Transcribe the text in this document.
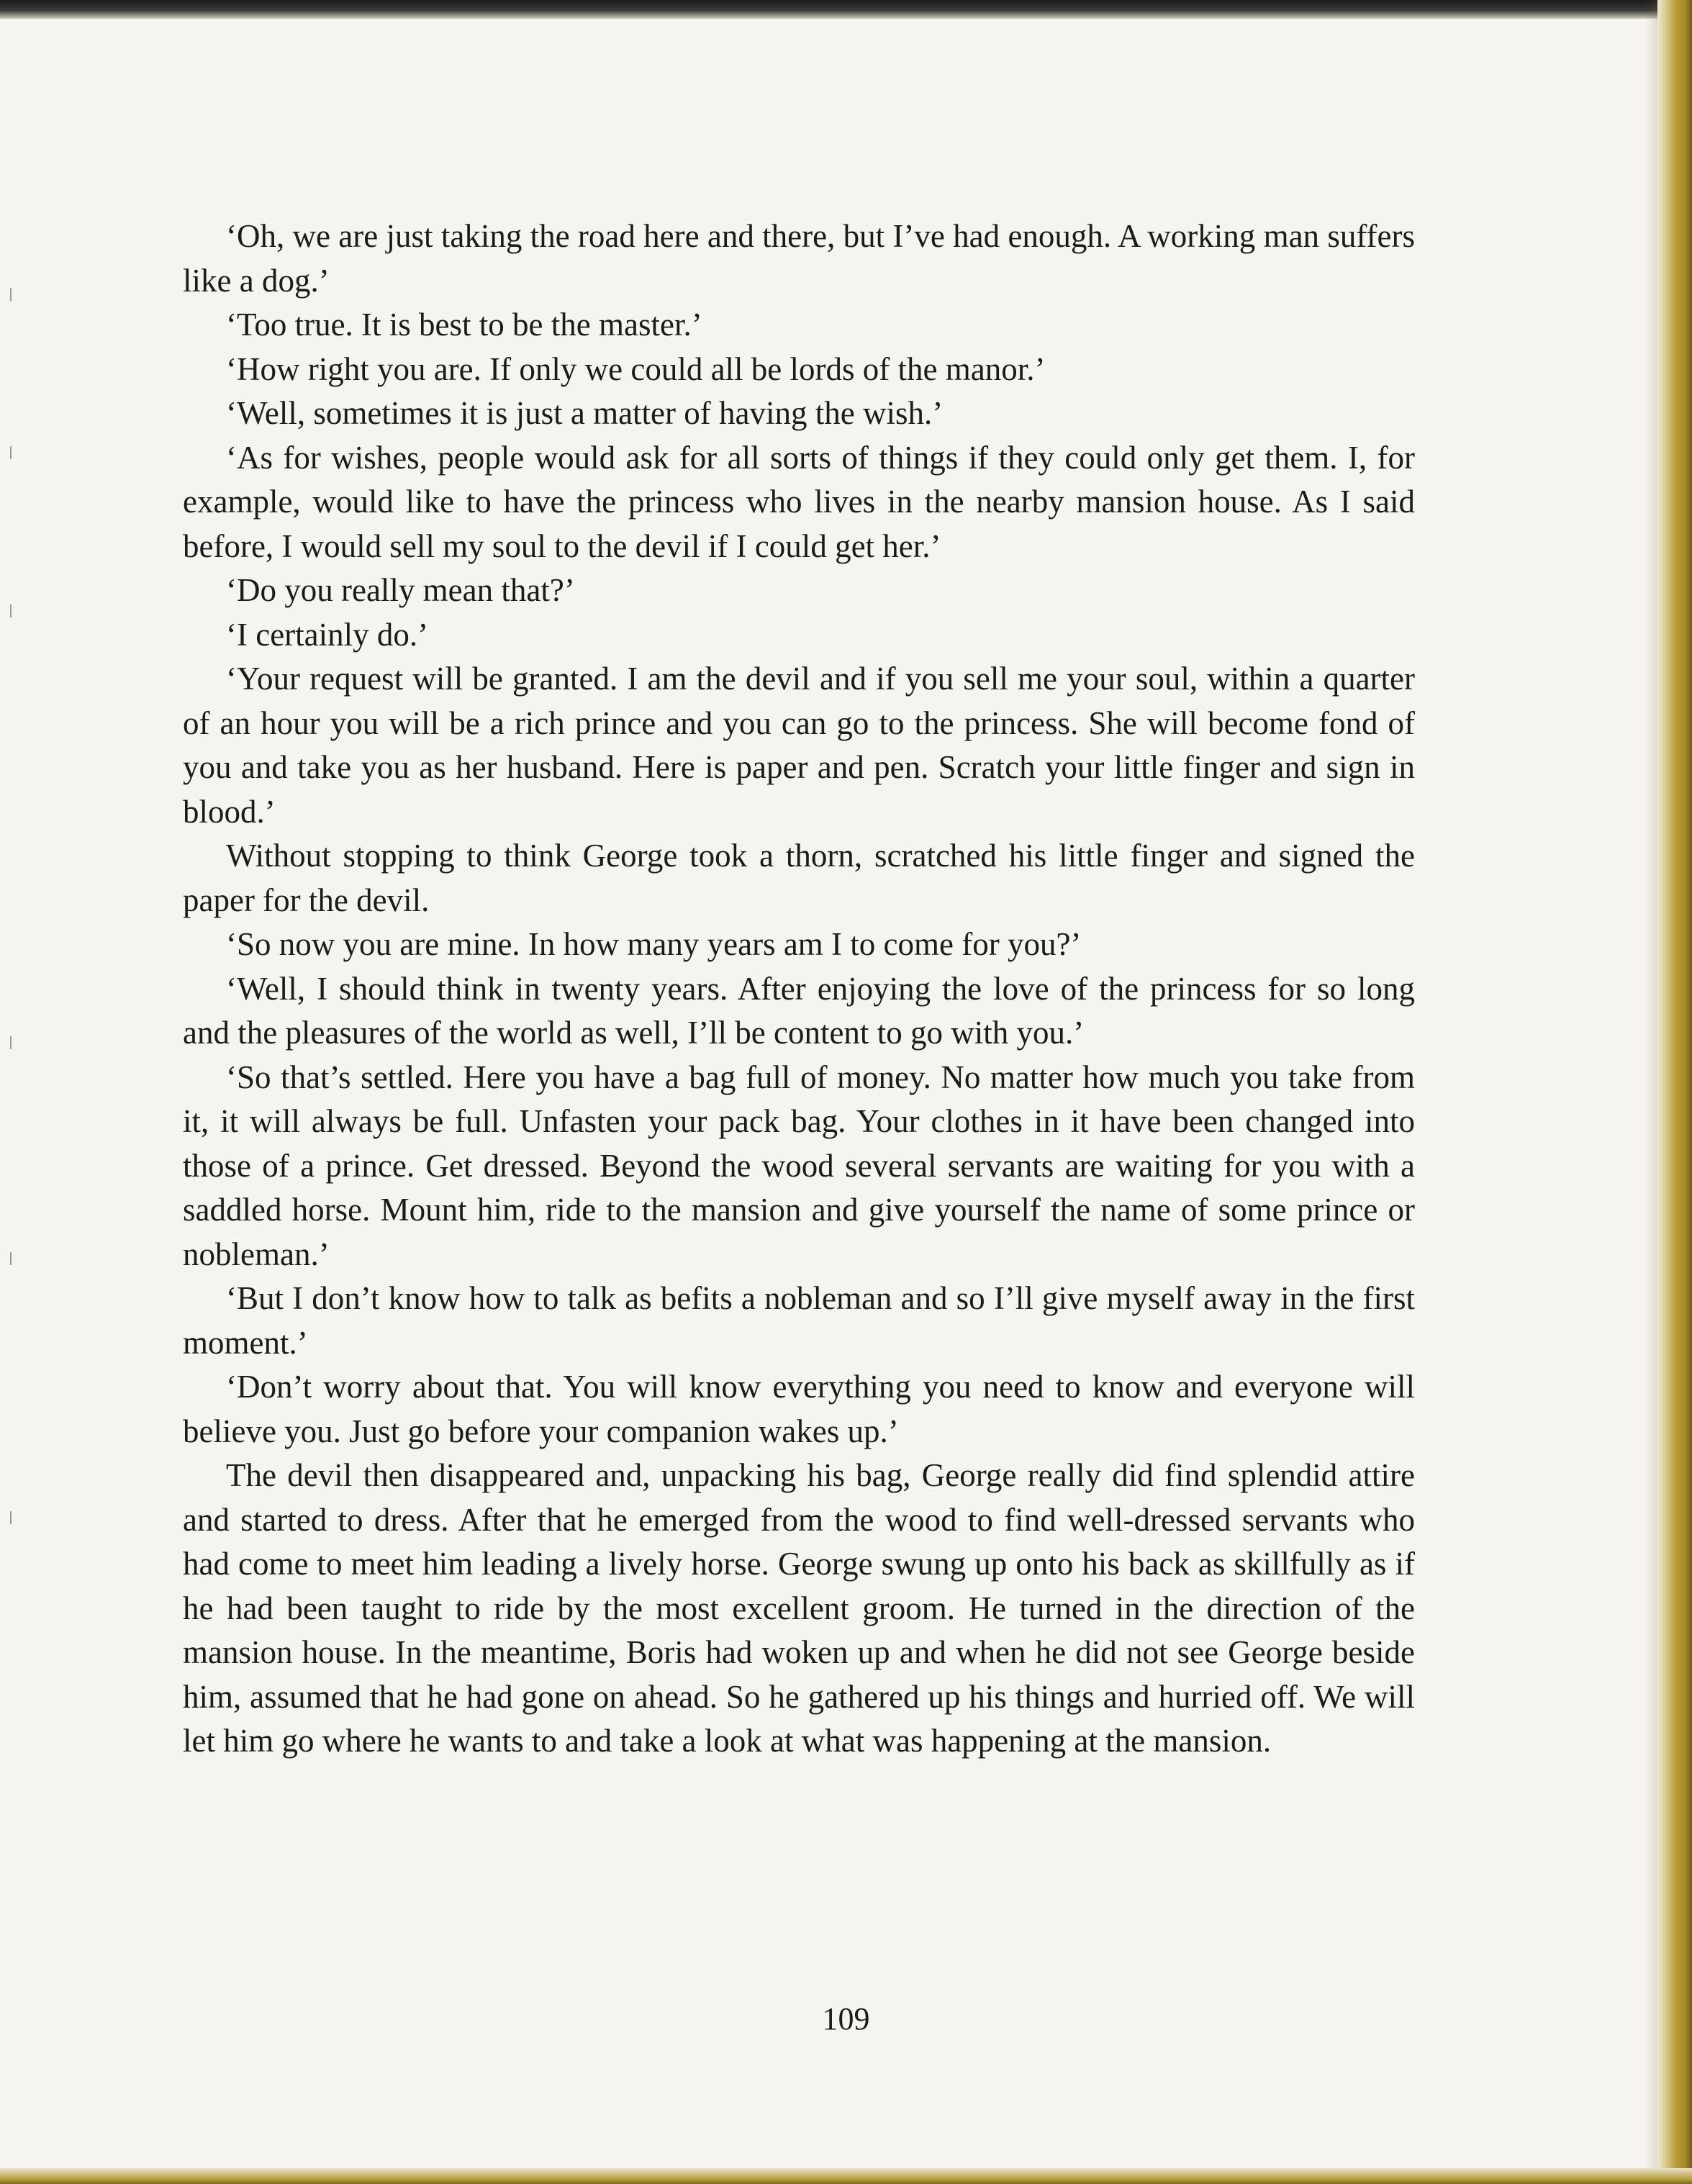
‘Oh, we are just taking the road here and there, but I’ve had enough. A working man suffers like a dog.’

‘Too true. It is best to be the master.’

‘How right you are. If only we could all be lords of the manor.’

‘Well, sometimes it is just a matter of having the wish.’

‘As for wishes, people would ask for all sorts of things if they could only get them. I, for example, would like to have the princess who lives in the nearby mansion house. As I said before, I would sell my soul to the devil if I could get her.’

‘Do you really mean that?’

‘I certainly do.’

‘Your request will be granted. I am the devil and if you sell me your soul, within a quarter of an hour you will be a rich prince and you can go to the princess. She will become fond of you and take you as her husband. Here is paper and pen. Scratch your little finger and sign in blood.’

Without stopping to think George took a thorn, scratched his little finger and signed the paper for the devil.

‘So now you are mine. In how many years am I to come for you?’

‘Well, I should think in twenty years. After enjoying the love of the princess for so long and the pleasures of the world as well, I’ll be content to go with you.’

‘So that’s settled. Here you have a bag full of money. No matter how much you take from it, it will always be full. Unfasten your pack bag. Your clothes in it have been changed into those of a prince. Get dressed. Beyond the wood several servants are waiting for you with a saddled horse. Mount him, ride to the mansion and give yourself the name of some prince or nobleman.’

‘But I don’t know how to talk as befits a nobleman and so I’ll give myself away in the first moment.’

‘Don’t worry about that. You will know everything you need to know and everyone will believe you. Just go before your companion wakes up.’

The devil then disappeared and, unpacking his bag, George really did find splendid attire and started to dress. After that he emerged from the wood to find well-dressed servants who had come to meet him leading a lively horse. George swung up onto his back as skillfully as if he had been taught to ride by the most excellent groom. He turned in the direction of the mansion house. In the meantime, Boris had woken up and when he did not see George beside him, assumed that he had gone on ahead. So he gathered up his things and hurried off. We will let him go where he wants to and take a look at what was happening at the mansion.

109
